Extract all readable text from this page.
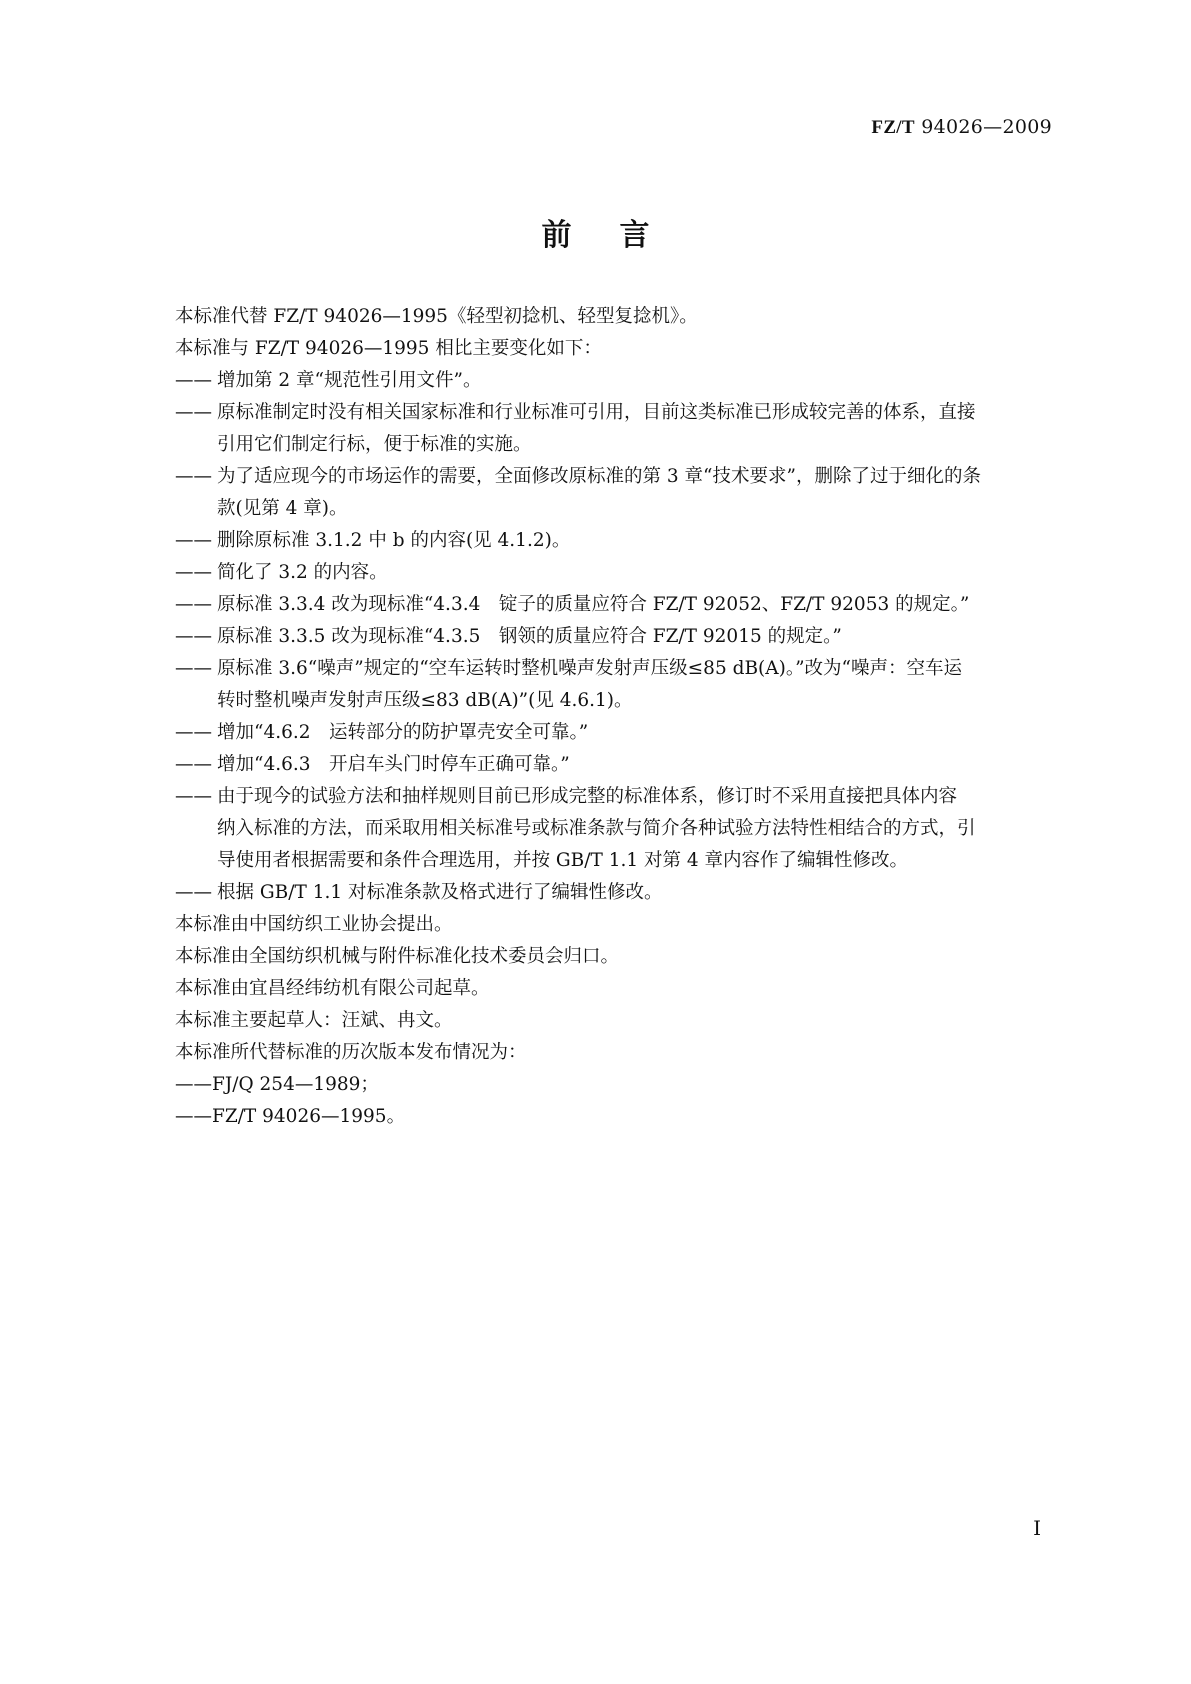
FZ/T 94026—2009
前言
本标准代替 FZ/T 94026—1995《轻型初捻机、轻型复捻机》。
本标准与 FZ/T 94026—1995 相比主要变化如下：
—— 增加第 2 章“规范性引用文件”。
—— 原标准制定时没有相关国家标准和行业标准可引用，目前这类标准已形成较完善的体系，直接
引用它们制定行标，便于标准的实施。
—— 为了适应现今的市场运作的需要，全面修改原标准的第 3 章“技术要求”，删除了过于细化的条
款(见第 4 章)。
—— 删除原标准 3.1.2 中 b 的内容(见 4.1.2)。
—— 简化了 3.2 的内容。
—— 原标准 3.3.4 改为现标准“4.3.4　锭子的质量应符合 FZ/T 92052、FZ/T 92053 的规定。”
—— 原标准 3.3.5 改为现标准“4.3.5　钢领的质量应符合 FZ/T 92015 的规定。”
—— 原标准 3.6“噪声”规定的“空车运转时整机噪声发射声压级≤85 dB(A)。”改为“噪声：空车运
转时整机噪声发射声压级≤83 dB(A)”(见 4.6.1)。
—— 增加“4.6.2　运转部分的防护罩壳安全可靠。”
—— 增加“4.6.3　开启车头门时停车正确可靠。”
—— 由于现今的试验方法和抽样规则目前已形成完整的标准体系，修订时不采用直接把具体内容
纳入标准的方法，而采取用相关标准号或标准条款与简介各种试验方法特性相结合的方式，引
导使用者根据需要和条件合理选用，并按 GB/T 1.1 对第 4 章内容作了编辑性修改。
—— 根据 GB/T 1.1 对标准条款及格式进行了编辑性修改。
本标准由中国纺织工业协会提出。
本标准由全国纺织机械与附件标准化技术委员会归口。
本标准由宜昌经纬纺机有限公司起草。
本标准主要起草人：汪斌、冉文。
本标准所代替标准的历次版本发布情况为：
——FJ/Q 254—1989；
——FZ/T 94026—1995。
I
